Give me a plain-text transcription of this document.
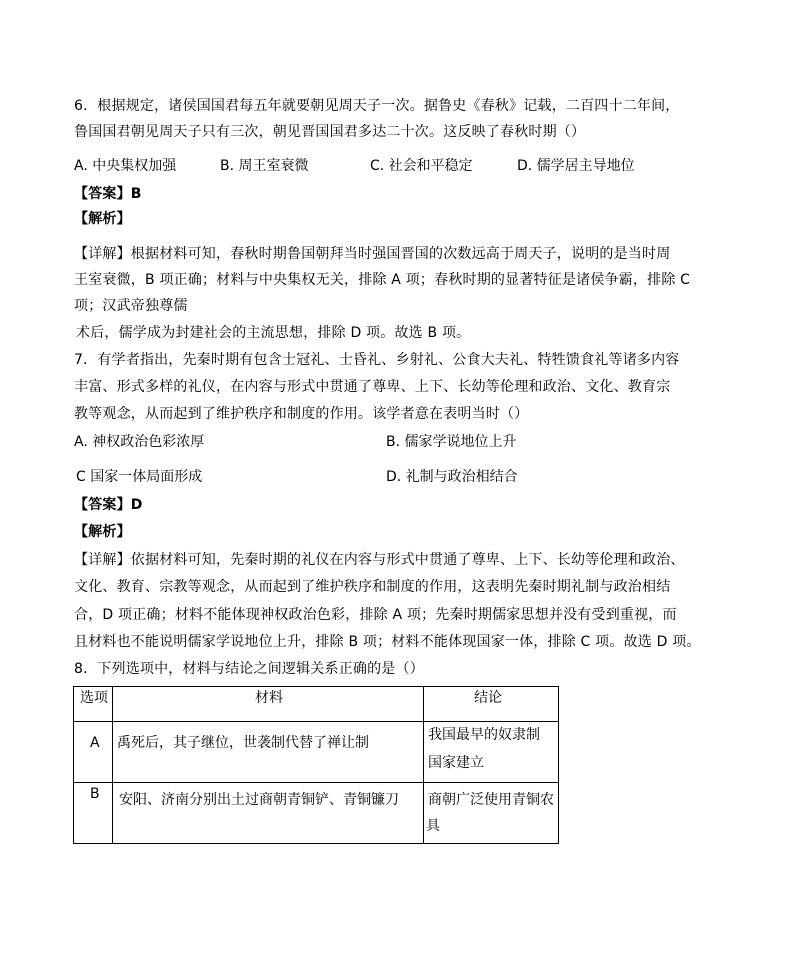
6．根据规定，诸侯国国君每五年就要朝见周天子一次。据鲁史《春秋》记载，二百四十二年间，
鲁国国君朝见周天子只有三次，朝见晋国国君多达二十次。这反映了春秋时期（）
A. 中央集权加强	B. 周王室衰微	C. 社会和平稳定	D. 儒学居主导地位
【答案】B
【解析】
【详解】根据材料可知，春秋时期鲁国朝拜当时强国晋国的次数远高于周天子，说明的是当时周
王室衰微，B 项正确；材料与中央集权无关，排除 A 项；春秋时期的显著特征是诸侯争霸，排除 C
项；汉武帝独尊儒
术后，儒学成为封建社会的主流思想，排除 D 项。故选 B 项。
7．有学者指出，先秦时期有包含士冠礼、士昏礼、乡射礼、公食大夫礼、特牲馈食礼等诸多内容
丰富、形式多样的礼仪，在内容与形式中贯通了尊卑、上下、长幼等伦理和政治、文化、教育宗
教等观念，从而起到了维护秩序和制度的作用。该学者意在表明当时（）
A. 神权政治色彩浓厚	B. 儒家学说地位上升
C 国家一体局面形成	D. 礼制与政治相结合
【答案】D
【解析】
【详解】依据材料可知，先秦时期的礼仪在内容与形式中贯通了尊卑、上下、长幼等伦理和政治、
文化、教育、宗教等观念，从而起到了维护秩序和制度的作用，这表明先秦时期礼制与政治相结
合，D 项正确；材料不能体现神权政治色彩，排除 A 项；先秦时期儒家思想并没有受到重视，而
且材料也不能说明儒家学说地位上升，排除 B 项；材料不能体现国家一体，排除 C 项。故选 D 项。
8．下列选项中，材料与结论之间逻辑关系正确的是（）
选项	材料	结论

A	禹死后，其子继位，世袭制代替了禅让制	我国最早的奴隶制
国家建立

B	安阳、济南分别出土过商朝青铜铲、青铜镰刀	商朝广泛使用青铜农
具
